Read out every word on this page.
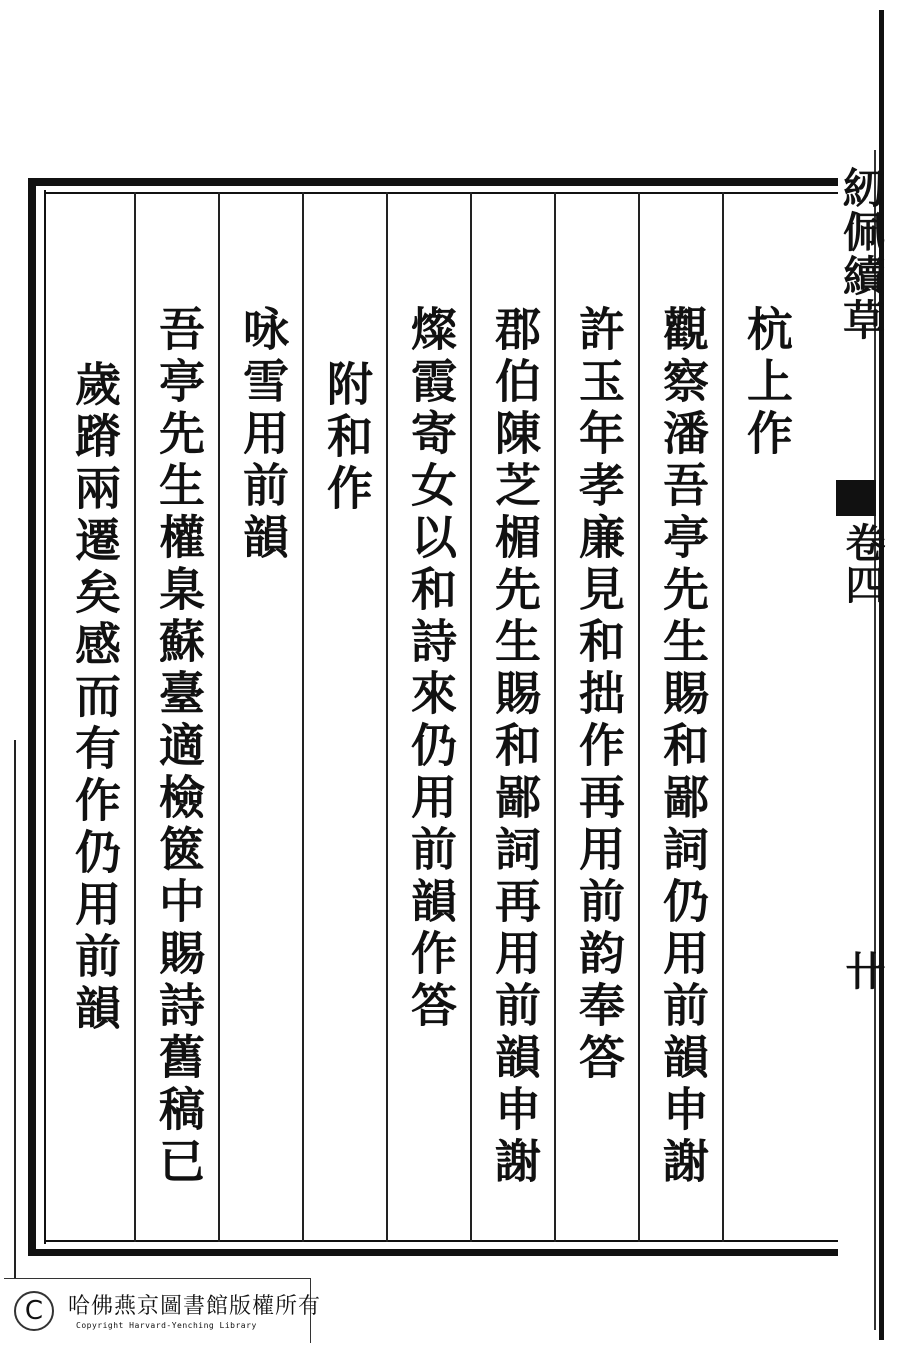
杭上作
觀察潘吾亭先生賜和鄙詞仍用前韻申謝
許玉年孝廉見和拙作再用前韵奉答
郡伯陳芝楣先生賜和鄙詞再用前韻申謝
燦霞寄女以和詩來仍用前韻作答
附和作
咏雪用前韻
吾亭先生權臬蘇臺適檢篋中賜詩舊稿已
歲蹐兩遷矣感而有作仍用前韻
紉佩續草
卷四
卄
C	哈佛燕京圖書館版權所有
Copyright Harvard-Yenching Library
